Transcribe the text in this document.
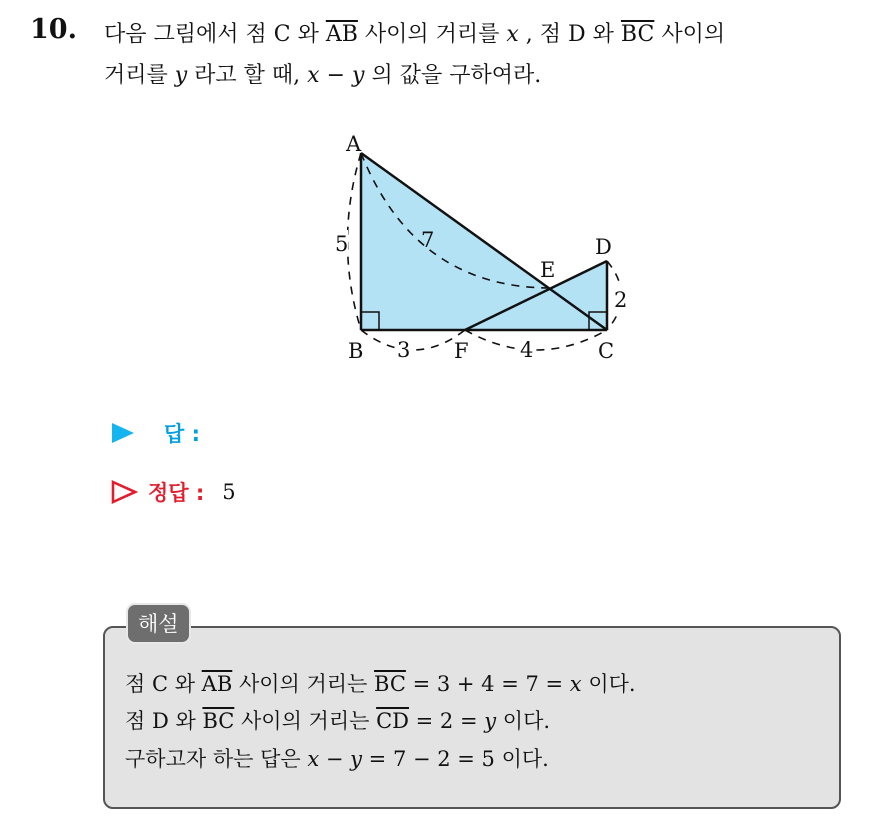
10. 다음 그림에서 점 C 와 $\overline{AB}$ 사이의 거리를 x , 점 D 와 $\overline{BC}$ 사이의
거리를 y 라고 할 때, x − y 의 값을 구하여라.
A
B	C
D
E
F
5	7
3	4
2
답 :
정답 : 5
해설
점 C 와 $\overline{AB}$ 사이의 거리는 $\overline{BC} = 3 + 4 = 7 = x$ 이다.
점 D 와 $\overline{BC}$ 사이의 거리는 $\overline{CD} = 2 = y$ 이다.
구하고자 하는 답은 x − y = 7 − 2 = 5 이다.
